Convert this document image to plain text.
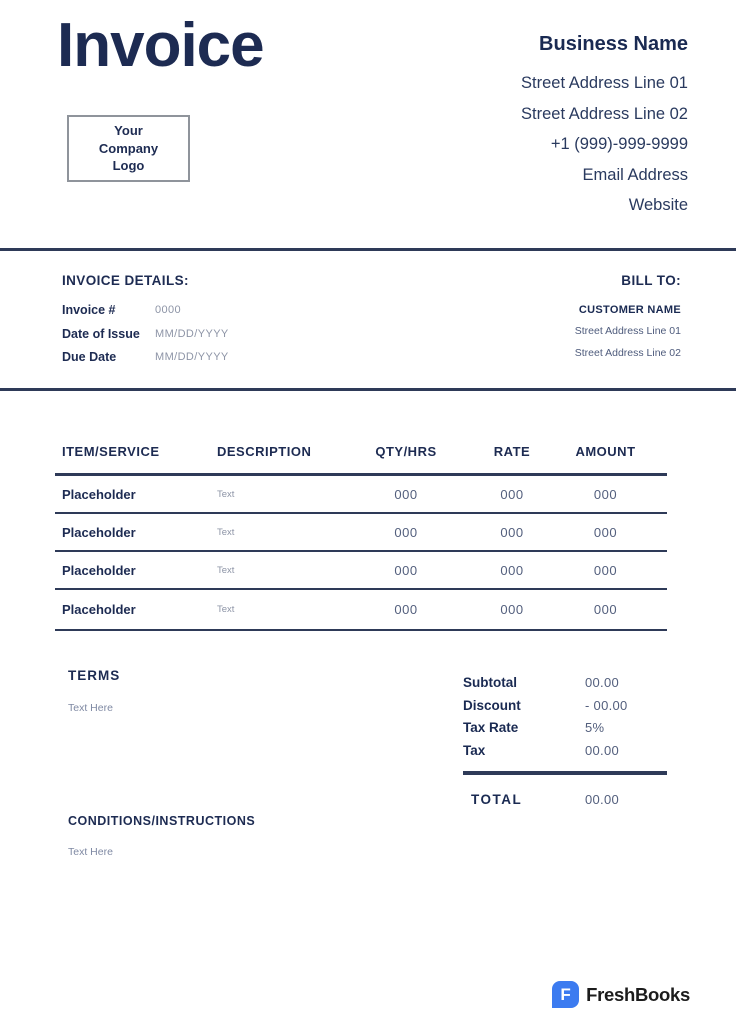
Invoice
Your Company Logo
Business Name
Street Address Line 01
Street Address Line 02
+1 (999)-999-9999
Email Address
Website
INVOICE DETAILS:
Invoice #	0000
Date of Issue	MM/DD/YYYY
Due Date	MM/DD/YYYY
BILL TO:
CUSTOMER NAME
Street Address Line 01
Street Address Line 02
ITEM/SERVICE	DESCRIPTION	QTY/HRS	RATE	AMOUNT
Placeholder	Text	000	000	000
Placeholder	Text	000	000	000
Placeholder	Text	000	000	000
Placeholder	Text	000	000	000
TERMS
Text Here
Subtotal	00.00
Discount	- 00.00
Tax Rate	5%
Tax	00.00
TOTAL	00.00
CONDITIONS/INSTRUCTIONS
Text Here
F FreshBooks
